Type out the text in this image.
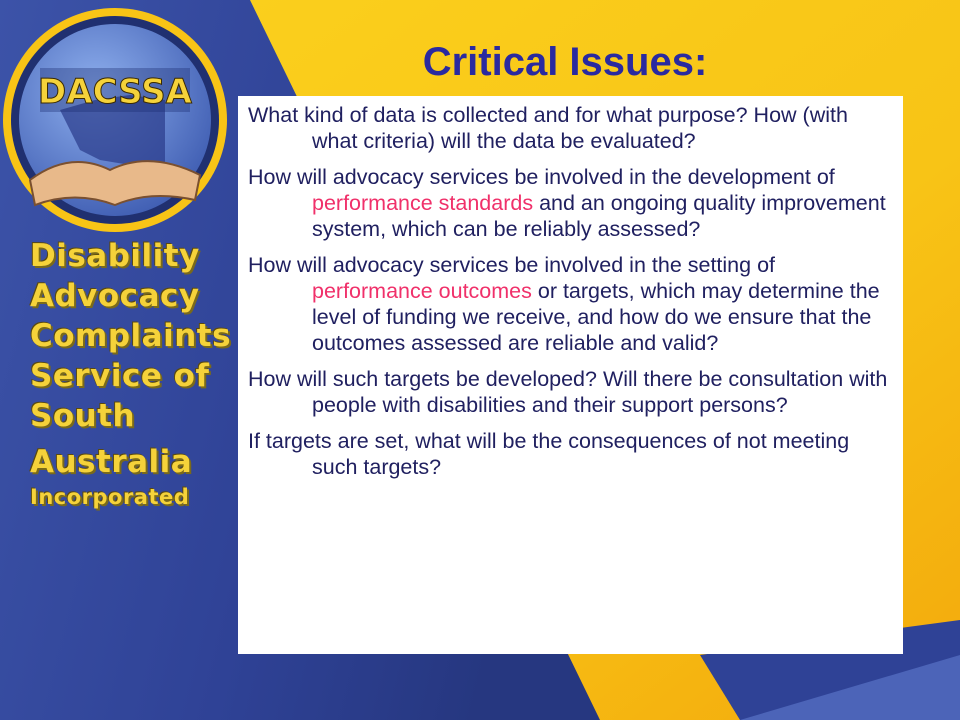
DACSSA
Critical Issues:
Disability
Advocacy
Complaints
Service of
South
Australia
Incorporated

What kind of data is collected and for what purpose? How (with what criteria) will the data be evaluated?

How will advocacy services be involved in the development of performance standards and an ongoing quality improvement system, which can be reliably assessed?

How will advocacy services be involved in the setting of performance outcomes or targets, which may determine the level of funding we receive, and how do we ensure that the outcomes assessed are reliable and valid?

How will such targets be developed? Will there be consultation with people with disabilities and their support persons?

If targets are set, what will be the consequences of not meeting such targets?
